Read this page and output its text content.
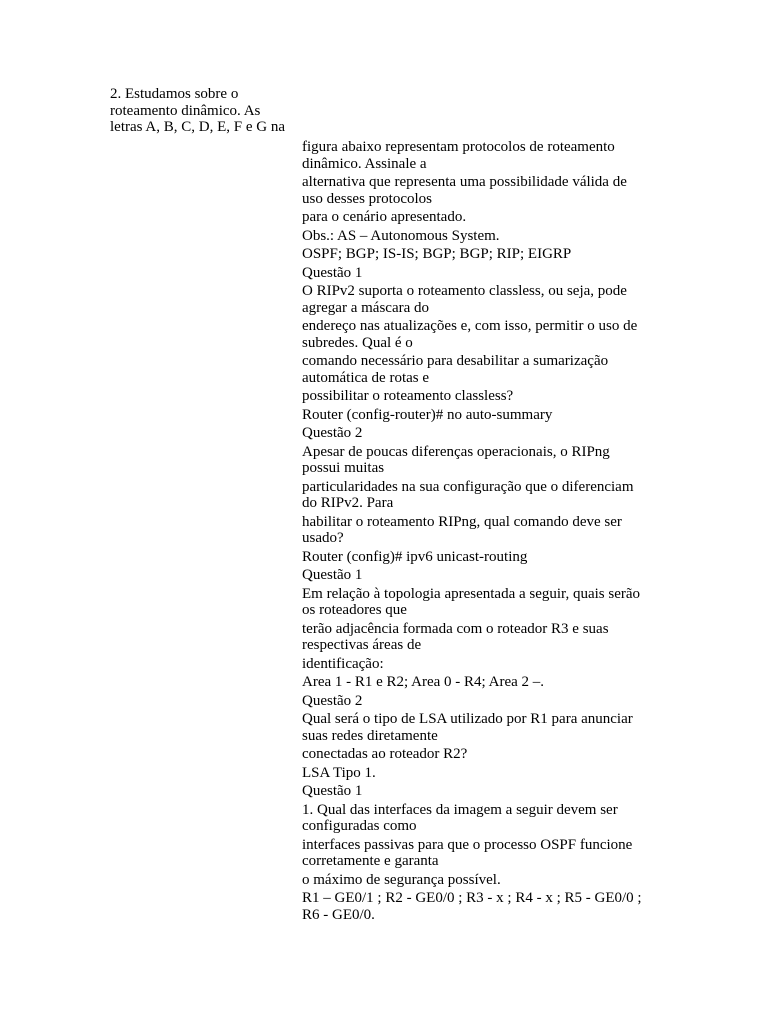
2. Estudamos sobre o
roteamento dinâmico. As
letras A, B, C, D, E, F e G na
figura abaixo representam protocolos de roteamento
dinâmico. Assinale a
alternativa que representa uma possibilidade válida de
uso desses protocolos
para o cenário apresentado.
Obs.: AS – Autonomous System.
OSPF; BGP; IS-IS; BGP; BGP; RIP; EIGRP
Questão 1
O RIPv2 suporta o roteamento classless, ou seja, pode
agregar a máscara do
endereço nas atualizações e, com isso, permitir o uso de
subredes. Qual é o
comando necessário para desabilitar a sumarização
automática de rotas e
possibilitar o roteamento classless?
Router (config-router)# no auto-summary
Questão 2
Apesar de poucas diferenças operacionais, o RIPng
possui muitas
particularidades na sua configuração que o diferenciam
do RIPv2. Para
habilitar o roteamento RIPng, qual comando deve ser
usado?
Router (config)# ipv6 unicast-routing
Questão 1
Em relação à topologia apresentada a seguir, quais serão
os roteadores que
terão adjacência formada com o roteador R3 e suas
respectivas áreas de
identificação:
Area 1 - R1 e R2; Area 0 - R4; Area 2 –.
Questão 2
Qual será o tipo de LSA utilizado por R1 para anunciar
suas redes diretamente
conectadas ao roteador R2?
LSA Tipo 1.
Questão 1
1. Qual das interfaces da imagem a seguir devem ser
configuradas como
interfaces passivas para que o processo OSPF funcione
corretamente e garanta
o máximo de segurança possível.
R1 – GE0/1 ; R2 - GE0/0 ; R3 - x ; R4 - x ; R5 - GE0/0 ;
R6 - GE0/0.
